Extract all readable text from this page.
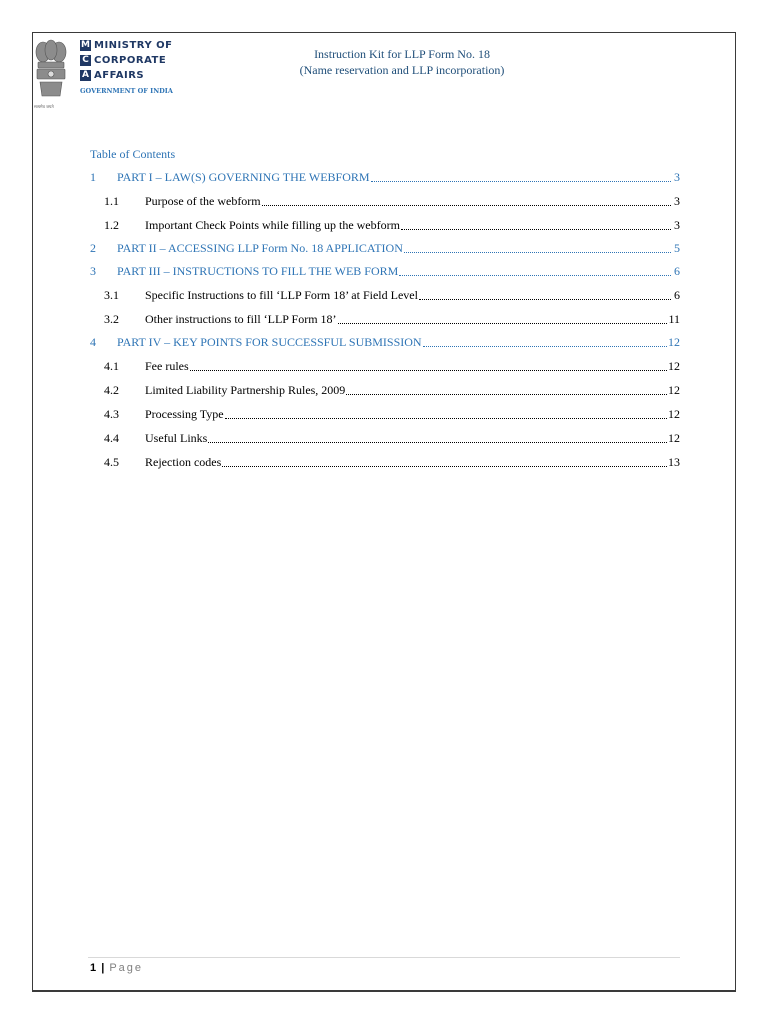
सत्यमेव जयते
M MINISTRY OF
C CORPORATE
A AFFAIRS
GOVERNMENT OF INDIA
Instruction Kit for LLP Form No. 18
(Name reservation and LLP incorporation)
Table of Contents
1	PART I – LAW(S) GOVERNING THE WEBFORM	3
1.1	Purpose of the webform	3
1.2	Important Check Points while filling up the webform	3
2	PART II – ACCESSING LLP Form No. 18 APPLICATION	5
3	PART III – INSTRUCTIONS TO FILL THE WEB FORM	6
3.1	Specific Instructions to fill ‘LLP Form 18’ at Field Level	6
3.2	Other instructions to fill ‘LLP Form 18’	11
4	PART IV – KEY POINTS FOR SUCCESSFUL SUBMISSION	12
4.1	Fee rules	12
4.2	Limited Liability Partnership Rules, 2009	12
4.3	Processing Type	12
4.4	Useful Links	12
4.5	Rejection codes	13
1 | Page
